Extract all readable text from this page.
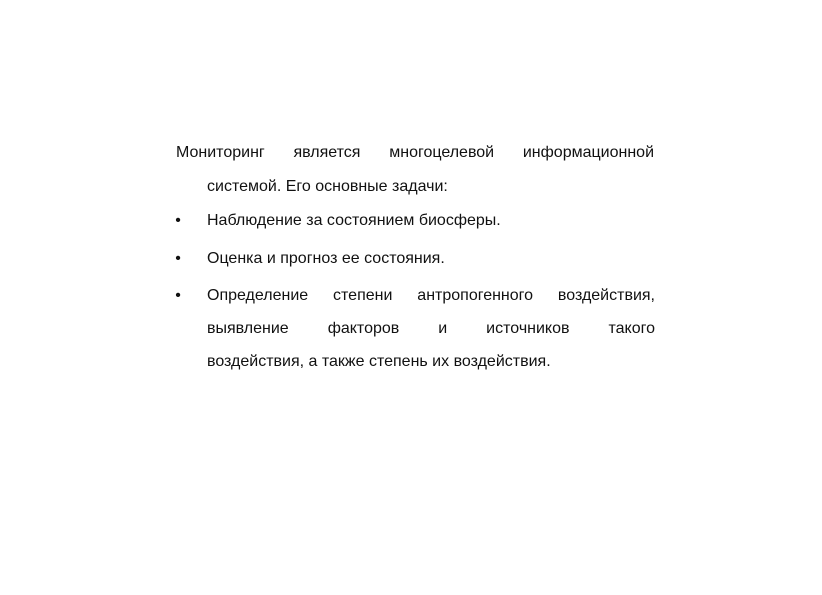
Мониторинг является многоцелевой информационной

системой. Его основные задачи:

• Наблюдение за состоянием биосферы.

• Оценка и прогноз ее состояния.

• Определение степени антропогенного воздействия,
выявление факторов и источников такого
воздействия, а также степень их воздействия.
